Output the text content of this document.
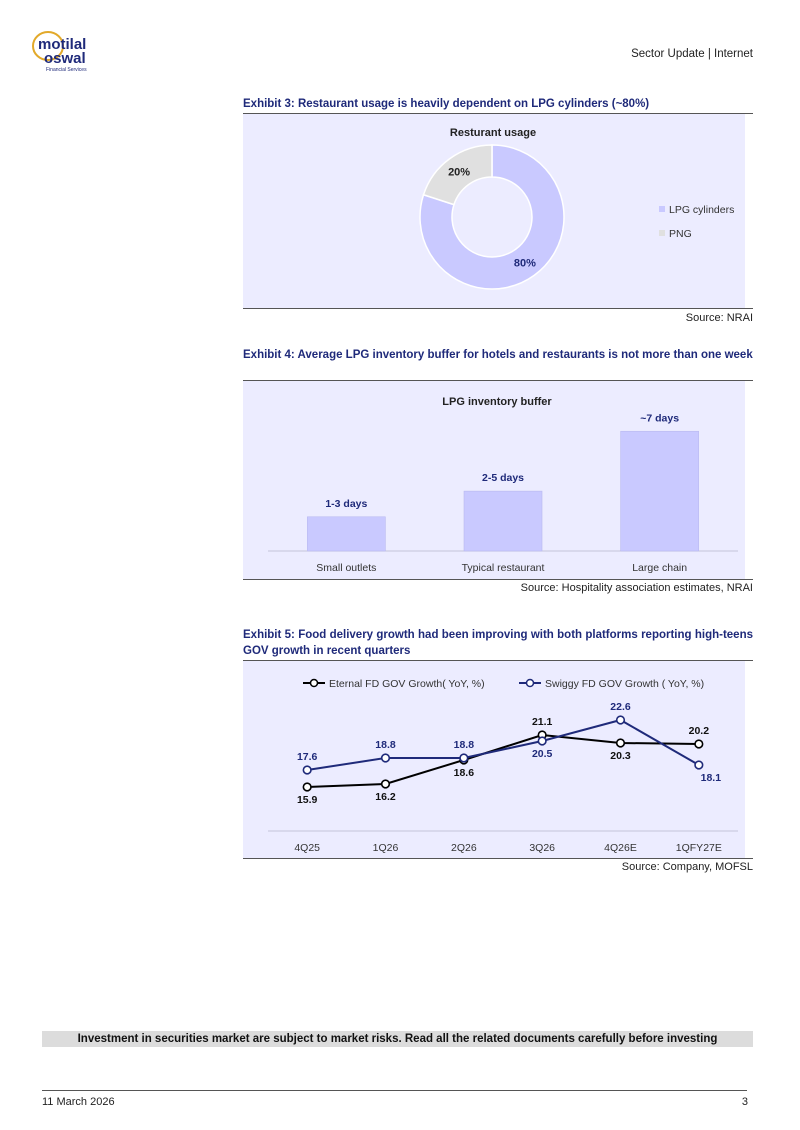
motilal
oswal
Financial Services
Sector Update | Internet
Exhibit 3: Restaurant usage is heavily dependent on LPG cylinders (~80%)
Resturant usage
80%
20%
LPG cylinders
PNG
Source: NRAI
Exhibit 4: Average LPG inventory buffer for hotels and restaurants is not more than one week
LPG inventory buffer
1-3 days
Small outlets
2-5 days
Typical restaurant
~7 days
Large chain
Source: Hospitality association estimates, NRAI
Exhibit 5: Food delivery growth had been improving with both platforms reporting high-teens GOV growth in recent quarters
Eternal FD GOV Growth( YoY, %)	Swiggy FD GOV Growth ( YoY, %)
15.9	16.2
18.6
21.1
20.3
20.2
17.6
18.8	18.8
20.5
22.6
18.1
4Q25	1Q26	2Q26	3Q26	4Q26E	1QFY27E
Source: Company, MOFSL
Investment in securities market are subject to market risks. Read all the related documents carefully before investing
11 March 2026	3
